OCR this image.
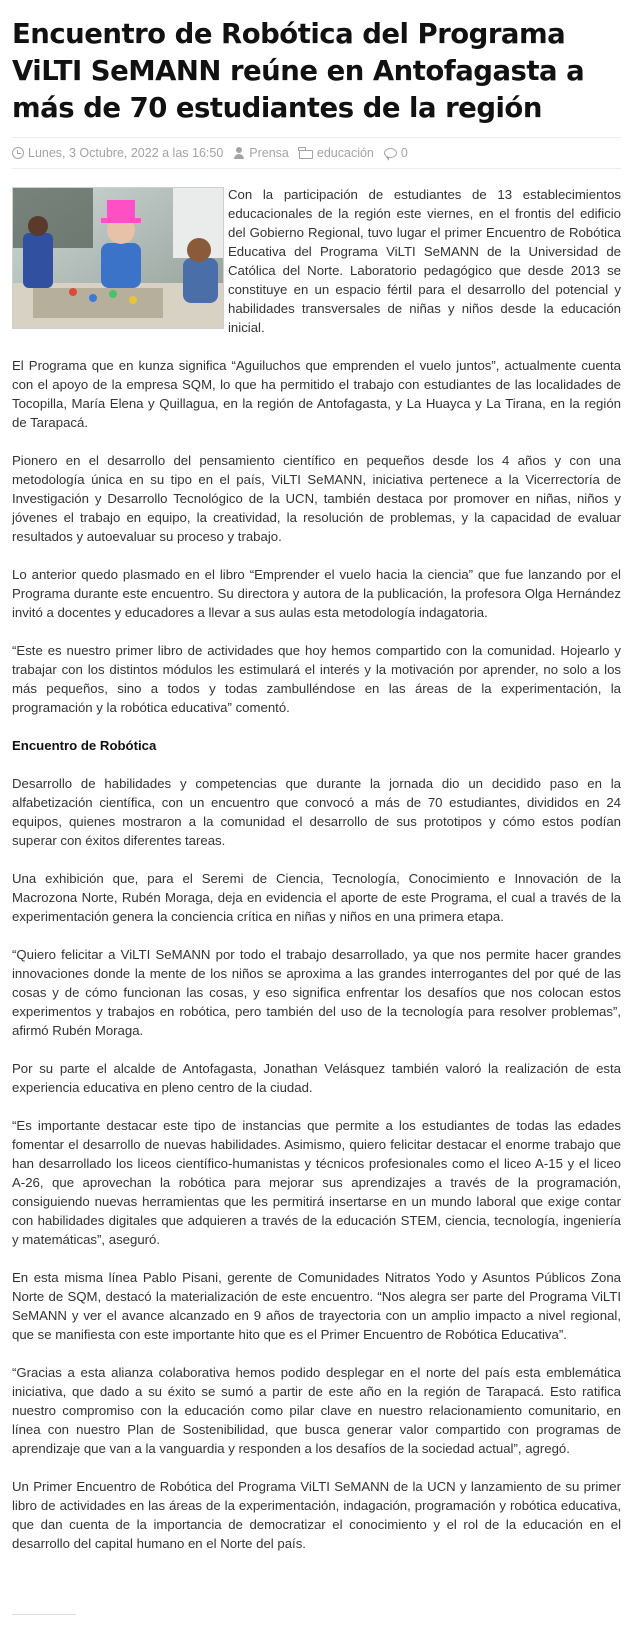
Encuentro de Robótica del Programa ViLTI SeMANN reúne en Antofagasta a más de 70 estudiantes de la región
Lunes, 3 Octubre, 2022 a las 16:50 Prensa educación 0

Con la participación de estudiantes de 13 establecimientos educacionales de la región este viernes, en el frontis del edificio del Gobierno Regional, tuvo lugar el primer Encuentro de Robótica Educativa del Programa ViLTI SeMANN de la Universidad de Católica del Norte. Laboratorio pedagógico que desde 2013 se constituye en un espacio fértil para el desarrollo del potencial y habilidades transversales de niñas y niños desde la educación inicial.

El Programa que en kunza significa “Aguiluchos que emprenden el vuelo juntos”, actualmente cuenta con el apoyo de la empresa SQM, lo que ha permitido el trabajo con estudiantes de las localidades de Tocopilla, María Elena y Quillagua, en la región de Antofagasta, y La Huayca y La Tirana, en la región de Tarapacá.

Pionero en el desarrollo del pensamiento científico en pequeños desde los 4 años y con una metodología única en su tipo en el país, ViLTI SeMANN, iniciativa pertenece a la Vicerrectoría de Investigación y Desarrollo Tecnológico de la UCN, también destaca por promover en niñas, niños y jóvenes el trabajo en equipo, la creatividad, la resolución de problemas, y la capacidad de evaluar resultados y autoevaluar su proceso y trabajo.

Lo anterior quedo plasmado en el libro “Emprender el vuelo hacia la ciencia” que fue lanzando por el Programa durante este encuentro. Su directora y autora de la publicación, la profesora Olga Hernández invitó a docentes y educadores a llevar a sus aulas esta metodología indagatoria.

“Este es nuestro primer libro de actividades que hoy hemos compartido con la comunidad. Hojearlo y trabajar con los distintos módulos les estimulará el interés y la motivación por aprender, no solo a los más pequeños, sino a todos y todas zambulléndose en las áreas de la experimentación, la programación y la robótica educativa” comentó.

Encuentro de Robótica

Desarrollo de habilidades y competencias que durante la jornada dio un decidido paso en la alfabetización científica, con un encuentro que convocó a más de 70 estudiantes, divididos en 24 equipos, quienes mostraron a la comunidad el desarrollo de sus prototipos y cómo estos podían superar con éxitos diferentes tareas.

Una exhibición que, para el Seremi de Ciencia, Tecnología, Conocimiento e Innovación de la Macrozona Norte, Rubén Moraga, deja en evidencia el aporte de este Programa, el cual a través de la experimentación genera la conciencia crítica en niñas y niños en una primera etapa.

“Quiero felicitar a ViLTI SeMANN por todo el trabajo desarrollado, ya que nos permite hacer grandes innovaciones donde la mente de los niños se aproxima a las grandes interrogantes del por qué de las cosas y de cómo funcionan las cosas, y eso significa enfrentar los desafíos que nos colocan estos experimentos y trabajos en robótica, pero también del uso de la tecnología para resolver problemas”, afirmó Rubén Moraga.

Por su parte el alcalde de Antofagasta, Jonathan Velásquez también valoró la realización de esta experiencia educativa en pleno centro de la ciudad.

“Es importante destacar este tipo de instancias que permite a los estudiantes de todas las edades fomentar el desarrollo de nuevas habilidades. Asimismo, quiero felicitar destacar el enorme trabajo que han desarrollado los liceos científico-humanistas y técnicos profesionales como el liceo A-15 y el liceo A-26, que aprovechan la robótica para mejorar sus aprendizajes a través de la programación, consiguiendo nuevas herramientas que les permitirá insertarse en un mundo laboral que exige contar con habilidades digitales que adquieren a través de la educación STEM, ciencia, tecnología, ingeniería y matemáticas”, aseguró.

En esta misma línea Pablo Pisani, gerente de Comunidades Nitratos Yodo y Asuntos Públicos Zona Norte de SQM, destacó la materialización de este encuentro. “Nos alegra ser parte del Programa ViLTI SeMANN y ver el avance alcanzado en 9 años de trayectoria con un amplio impacto a nivel regional, que se manifiesta con este importante hito que es el Primer Encuentro de Robótica Educativa”.

“Gracias a esta alianza colaborativa hemos podido desplegar en el norte del país esta emblemática iniciativa, que dado a su éxito se sumó a partir de este año en la región de Tarapacá. Esto ratifica nuestro compromiso con la educación como pilar clave en nuestro relacionamiento comunitario, en línea con nuestro Plan de Sostenibilidad, que busca generar valor compartido con programas de aprendizaje que van a la vanguardia y responden a los desafíos de la sociedad actual”, agregó.

Un Primer Encuentro de Robótica del Programa ViLTI SeMANN de la UCN y lanzamiento de su primer libro de actividades en las áreas de la experimentación, indagación, programación y robótica educativa, que dan cuenta de la importancia de democratizar el conocimiento y el rol de la educación en el desarrollo del capital humano en el Norte del país.
